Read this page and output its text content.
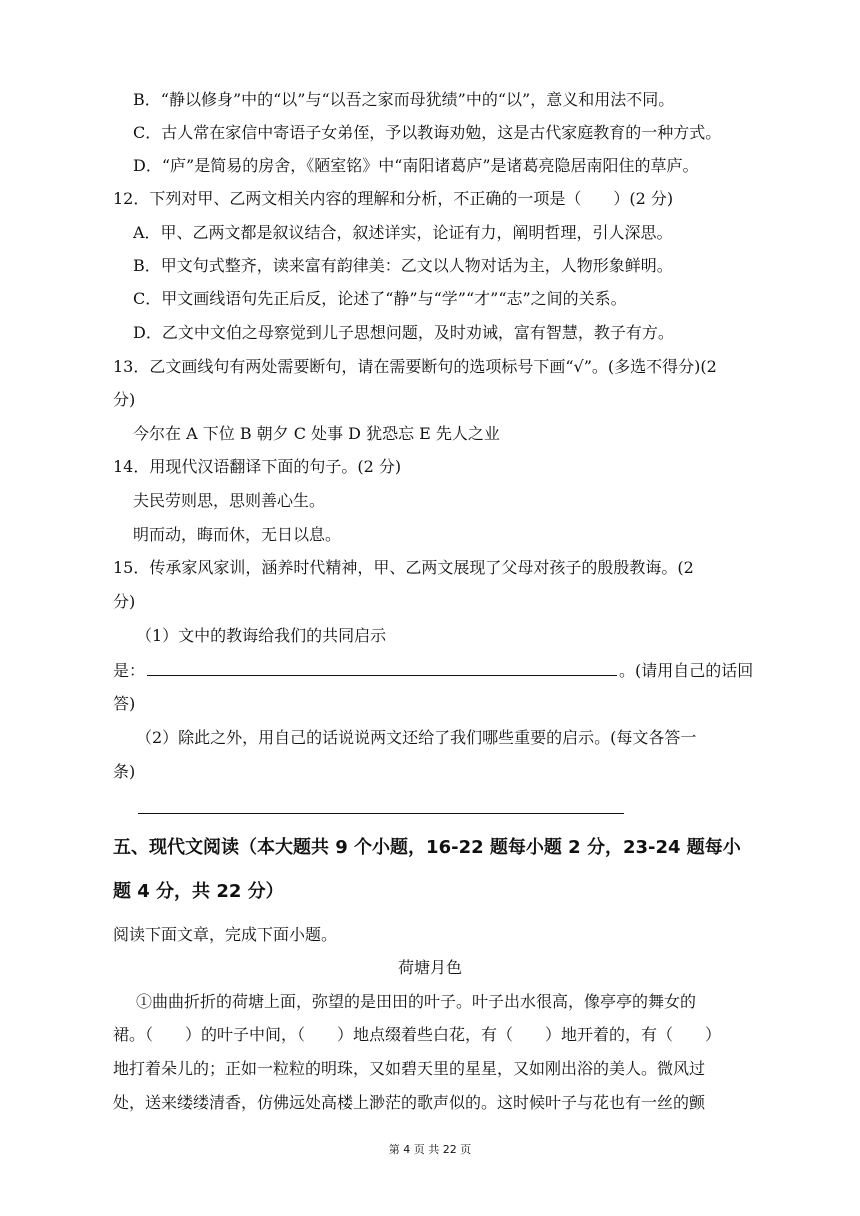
B．“静以修身”中的“以”与“以吾之家而母犹绩”中的“以”，意义和用法不同。
C．古人常在家信中寄语子女弟侄，予以教诲劝勉，这是古代家庭教育的一种方式。
D．“庐”是简易的房舍，《陋室铭》中“南阳诸葛庐”是诸葛亮隐居南阳住的草庐。
12．下列对甲、乙两文相关内容的理解和分析，不正确的一项是（　　）(2 分)
A．甲、乙两文都是叙议结合，叙述详实，论证有力，阐明哲理，引人深思。
B．甲文句式整齐，读来富有韵律美：乙文以人物对话为主，人物形象鲜明。
C．甲文画线语句先正后反，论述了“静”与“学”“才”“志”之间的关系。
D．乙文中文伯之母察觉到儿子思想问题，及时劝诫，富有智慧，教子有方。
13．乙文画线句有两处需要断句，请在需要断句的选项标号下画“√”。(多选不得分)(2
分)
今尔在 A 下位 B 朝夕 C 处事 D 犹恐忘 E 先人之业
14．用现代汉语翻译下面的句子。(2 分)
夫民劳则思，思则善心生。
明而动，晦而休，无日以息。
15．传承家风家训，涵养时代精神，甲、乙两文展现了父母对孩子的殷殷教诲。(2
分)
（1）文中的教诲给我们的共同启示
是：	。(请用自己的话回
答)
（2）除此之外，用自己的话说说两文还给了我们哪些重要的启示。(每文各答一
条)
五、现代文阅读（本大题共 9 个小题，16-22 题每小题 2 分，23-24 题每小
题 4 分，共 22 分）
阅读下面文章，完成下面小题。
荷塘月色
①曲曲折折的荷塘上面，弥望的是田田的叶子。叶子出水很高，像亭亭的舞女的
裙。（　　）的叶子中间，（　　）地点缀着些白花，有（　　）地开着的，有（　　）
地打着朵儿的；正如一粒粒的明珠，又如碧天里的星星，又如刚出浴的美人。微风过
处，送来缕缕清香，仿佛远处高楼上渺茫的歌声似的。这时候叶子与花也有一丝的颤
第 4 页 共 22 页
